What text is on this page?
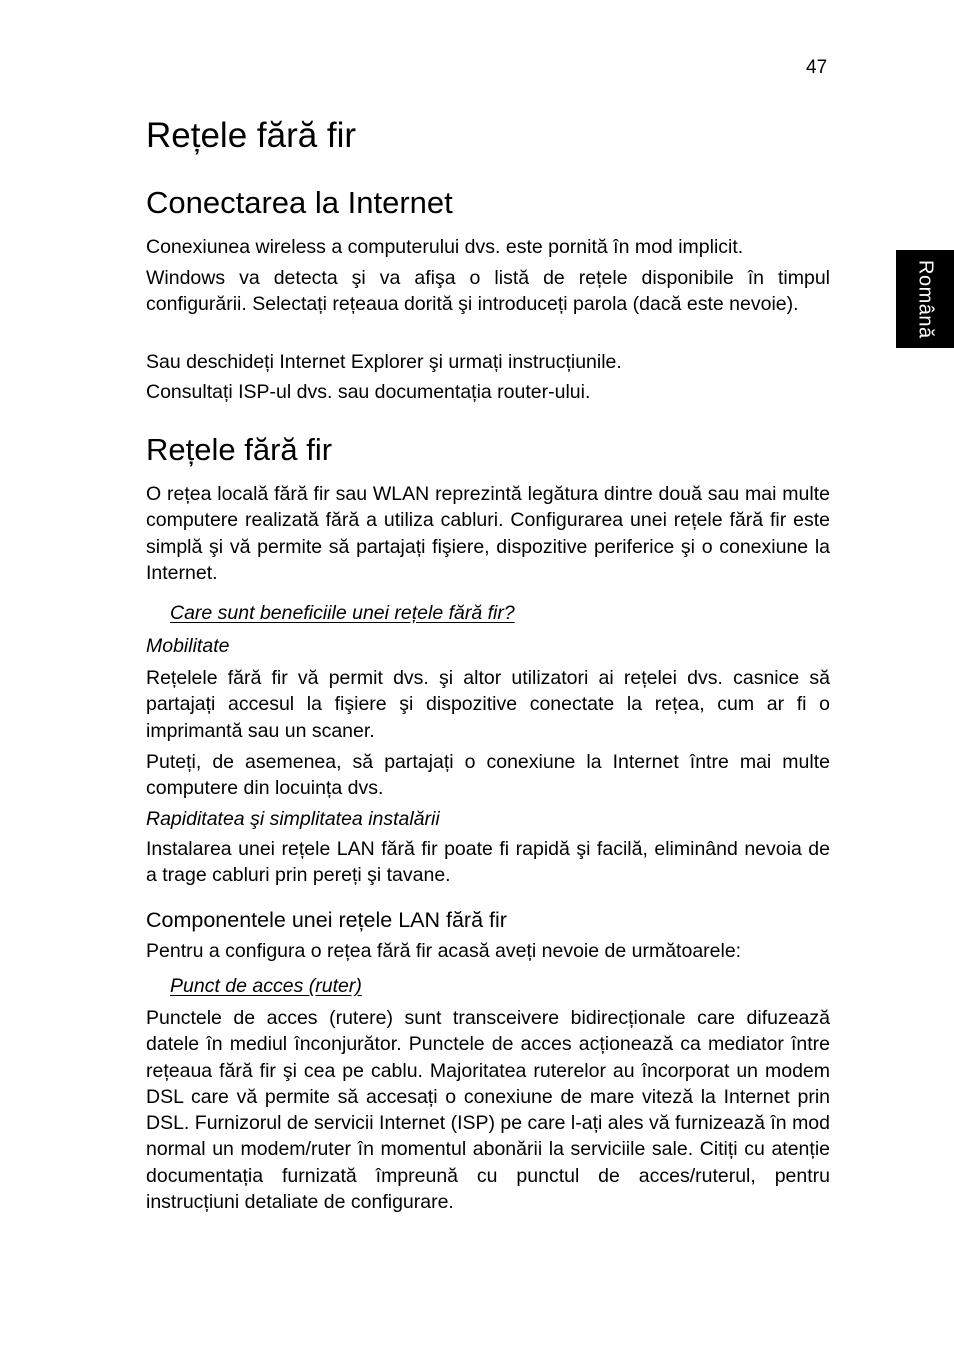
47
Română
Rețele fără fir
Conectarea la Internet

Conexiunea wireless a computerului dvs. este pornită în mod implicit.

Windows va detecta şi va afişa o listă de rețele disponibile în timpul configurării. Selectați rețeaua dorită şi introduceți parola (dacă este nevoie).

Sau deschideți Internet Explorer şi urmați instrucțiunile.

Consultați ISP-ul dvs. sau documentația router-ului.

Rețele fără fir

O rețea locală fără fir sau WLAN reprezintă legătura dintre două sau mai multe computere realizată fără a utiliza cabluri. Configurarea unei rețele fără fir este simplă şi vă permite să partajați fişiere, dispozitive periferice şi o conexiune la Internet.

Care sunt beneficiile unei rețele fără fir?
Mobilitate

Rețelele fără fir vă permit dvs. şi altor utilizatori ai rețelei dvs. casnice să partajați accesul la fişiere şi dispozitive conectate la rețea, cum ar fi o imprimantă sau un scaner.

Puteți, de asemenea, să partajați o conexiune la Internet între mai multe computere din locuința dvs.

Rapiditatea şi simplitatea instalării

Instalarea unei rețele LAN fără fir poate fi rapidă şi facilă, eliminând nevoia de a trage cabluri prin pereți şi tavane.

Componentele unei rețele LAN fără fir

Pentru a configura o rețea fără fir acasă aveți nevoie de următoarele:

Punct de acces (ruter)

Punctele de acces (rutere) sunt transceivere bidirecționale care difuzează datele în mediul înconjurător. Punctele de acces acționează ca mediator între rețeaua fără fir şi cea pe cablu. Majoritatea ruterelor au încorporat un modem DSL care vă permite să accesați o conexiune de mare viteză la Internet prin DSL. Furnizorul de servicii Internet (ISP) pe care l-ați ales vă furnizează în mod normal un modem/ruter în momentul abonării la serviciile sale. Citiți cu atenție documentația furnizată împreună cu punctul de acces/ruterul, pentru instrucțiuni detaliate de configurare.
